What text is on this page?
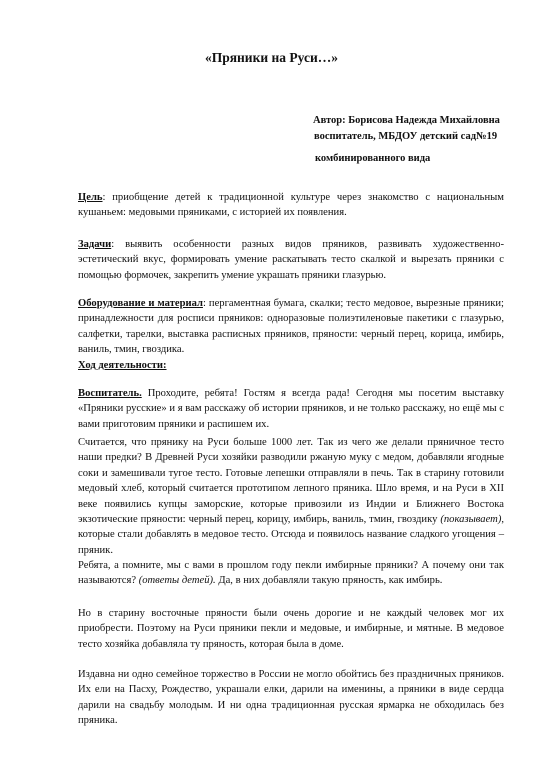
«Пряники на Руси…»
Автор: Борисова Надежда Михайловна
воспитатель, МБДОУ детский сад№19
комбинированного вида

Цель: приобщение детей к традиционной культуре через знакомство с национальным кушаньем: медовыми пряниками, с историей их появления.

Задачи: выявить особенности разных видов пряников, развивать художественно-эстетический вкус, формировать умение раскатывать тесто скалкой и вырезать пряники с помощью формочек, закрепить умение украшать пряники глазурью.

Оборудование и материал: пергаментная бумага, скалки; тесто медовое, вырезные пряники; принадлежности для росписи пряников: одноразовые полиэтиленовые пакетики с глазурью, салфетки, тарелки, выставка расписных пряников, пряности: черный перец, корица, имбирь, ваниль, тмин, гвоздика.

Ход деятельности:

Воспитатель. Проходите, ребята! Гостям я всегда рада! Сегодня мы посетим выставку «Пряники русские» и я вам расскажу об истории пряников, и не только расскажу, но ещё мы с вами приготовим пряники и распишем их.

Считается, что прянику на Руси больше 1000 лет. Так из чего же делали пряничное тесто наши предки? В Древней Руси хозяйки разводили ржаную муку с медом, добавляли ягодные соки и замешивали тугое тесто. Готовые лепешки отправляли в печь. Так в старину готовили медовый хлеб, который считается прототипом лепного пряника. Шло время, и на Руси в XII веке появились купцы заморские, которые привозили из Индии и Ближнего Востока экзотические пряности: черный перец, корицу, имбирь, ваниль, тмин, гвоздику (показывает), которые стали добавлять в медовое тесто. Отсюда и появилось название сладкого угощения – пряник.

Ребята, а помните, мы с вами в прошлом году пекли имбирные пряники? А почему они так называются? (ответы детей). Да, в них добавляли такую пряность, как имбирь.

Но в старину восточные пряности были очень дорогие и не каждый человек мог их приобрести. Поэтому на Руси пряники пекли и медовые, и имбирные, и мятные. В медовое тесто хозяйка добавляла ту пряность, которая была в доме.

Издавна ни одно семейное торжество в России не могло обойтись без праздничных пряников. Их ели на Пасху, Рождество, украшали елки, дарили на именины, а пряники в виде сердца дарили на свадьбу молодым. И ни одна традиционная русская ярмарка не обходилась без пряника.
